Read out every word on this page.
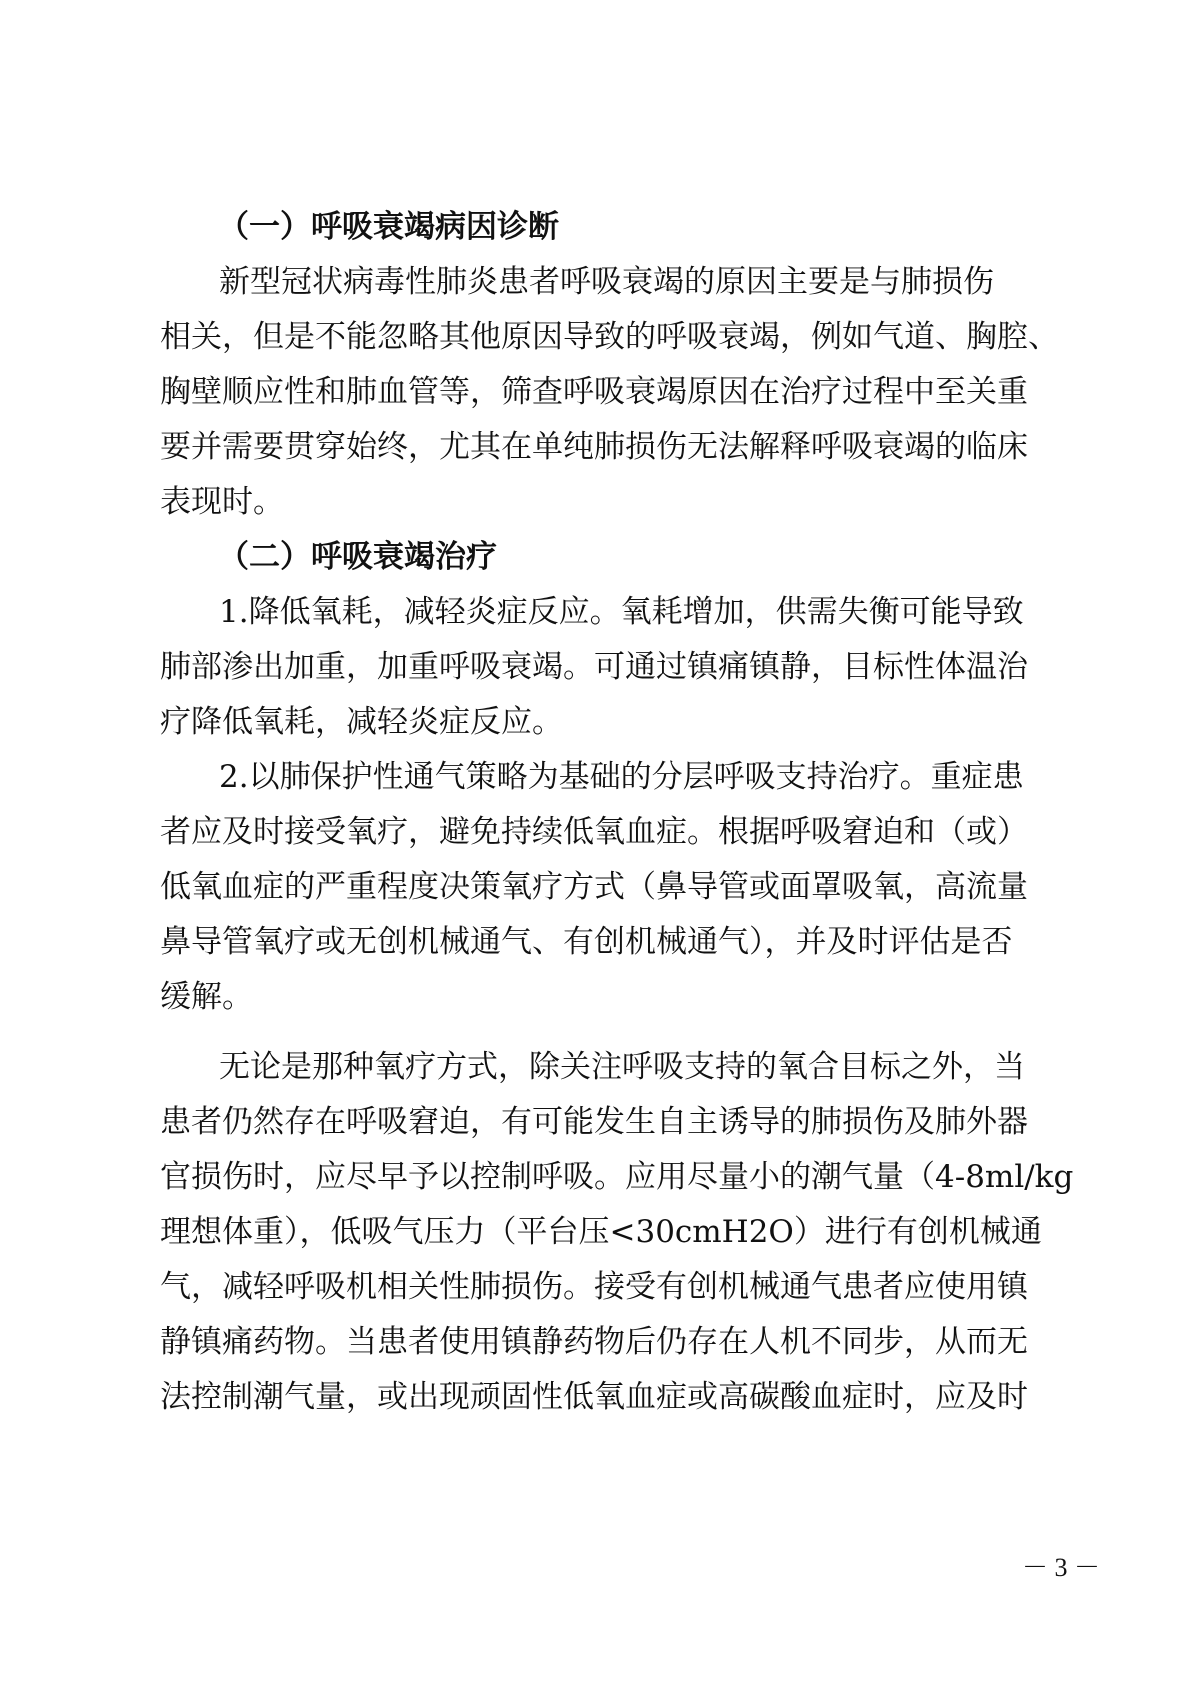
（一）呼吸衰竭病因诊断
新型冠状病毒性肺炎患者呼吸衰竭的原因主要是与肺损伤
相关，但是不能忽略其他原因导致的呼吸衰竭，例如气道、胸腔、
胸壁顺应性和肺血管等，筛查呼吸衰竭原因在治疗过程中至关重
要并需要贯穿始终，尤其在单纯肺损伤无法解释呼吸衰竭的临床
表现时。
（二）呼吸衰竭治疗
1.降低氧耗，减轻炎症反应。氧耗增加，供需失衡可能导致
肺部渗出加重，加重呼吸衰竭。可通过镇痛镇静，目标性体温治
疗降低氧耗，减轻炎症反应。
2.以肺保护性通气策略为基础的分层呼吸支持治疗。重症患
者应及时接受氧疗，避免持续低氧血症。根据呼吸窘迫和（或）
低氧血症的严重程度决策氧疗方式（鼻导管或面罩吸氧，高流量
鼻导管氧疗或无创机械通气、有创机械通气），并及时评估是否
缓解。
无论是那种氧疗方式，除关注呼吸支持的氧合目标之外，当
患者仍然存在呼吸窘迫，有可能发生自主诱导的肺损伤及肺外器
官损伤时，应尽早予以控制呼吸。应用尽量小的潮气量（4-8ml/kg
理想体重），低吸气压力（平台压<30cmH2O）进行有创机械通
气，减轻呼吸机相关性肺损伤。接受有创机械通气患者应使用镇
静镇痛药物。当患者使用镇静药物后仍存在人机不同步，从而无
法控制潮气量，或出现顽固性低氧血症或高碳酸血症时，应及时
－ 3 －
